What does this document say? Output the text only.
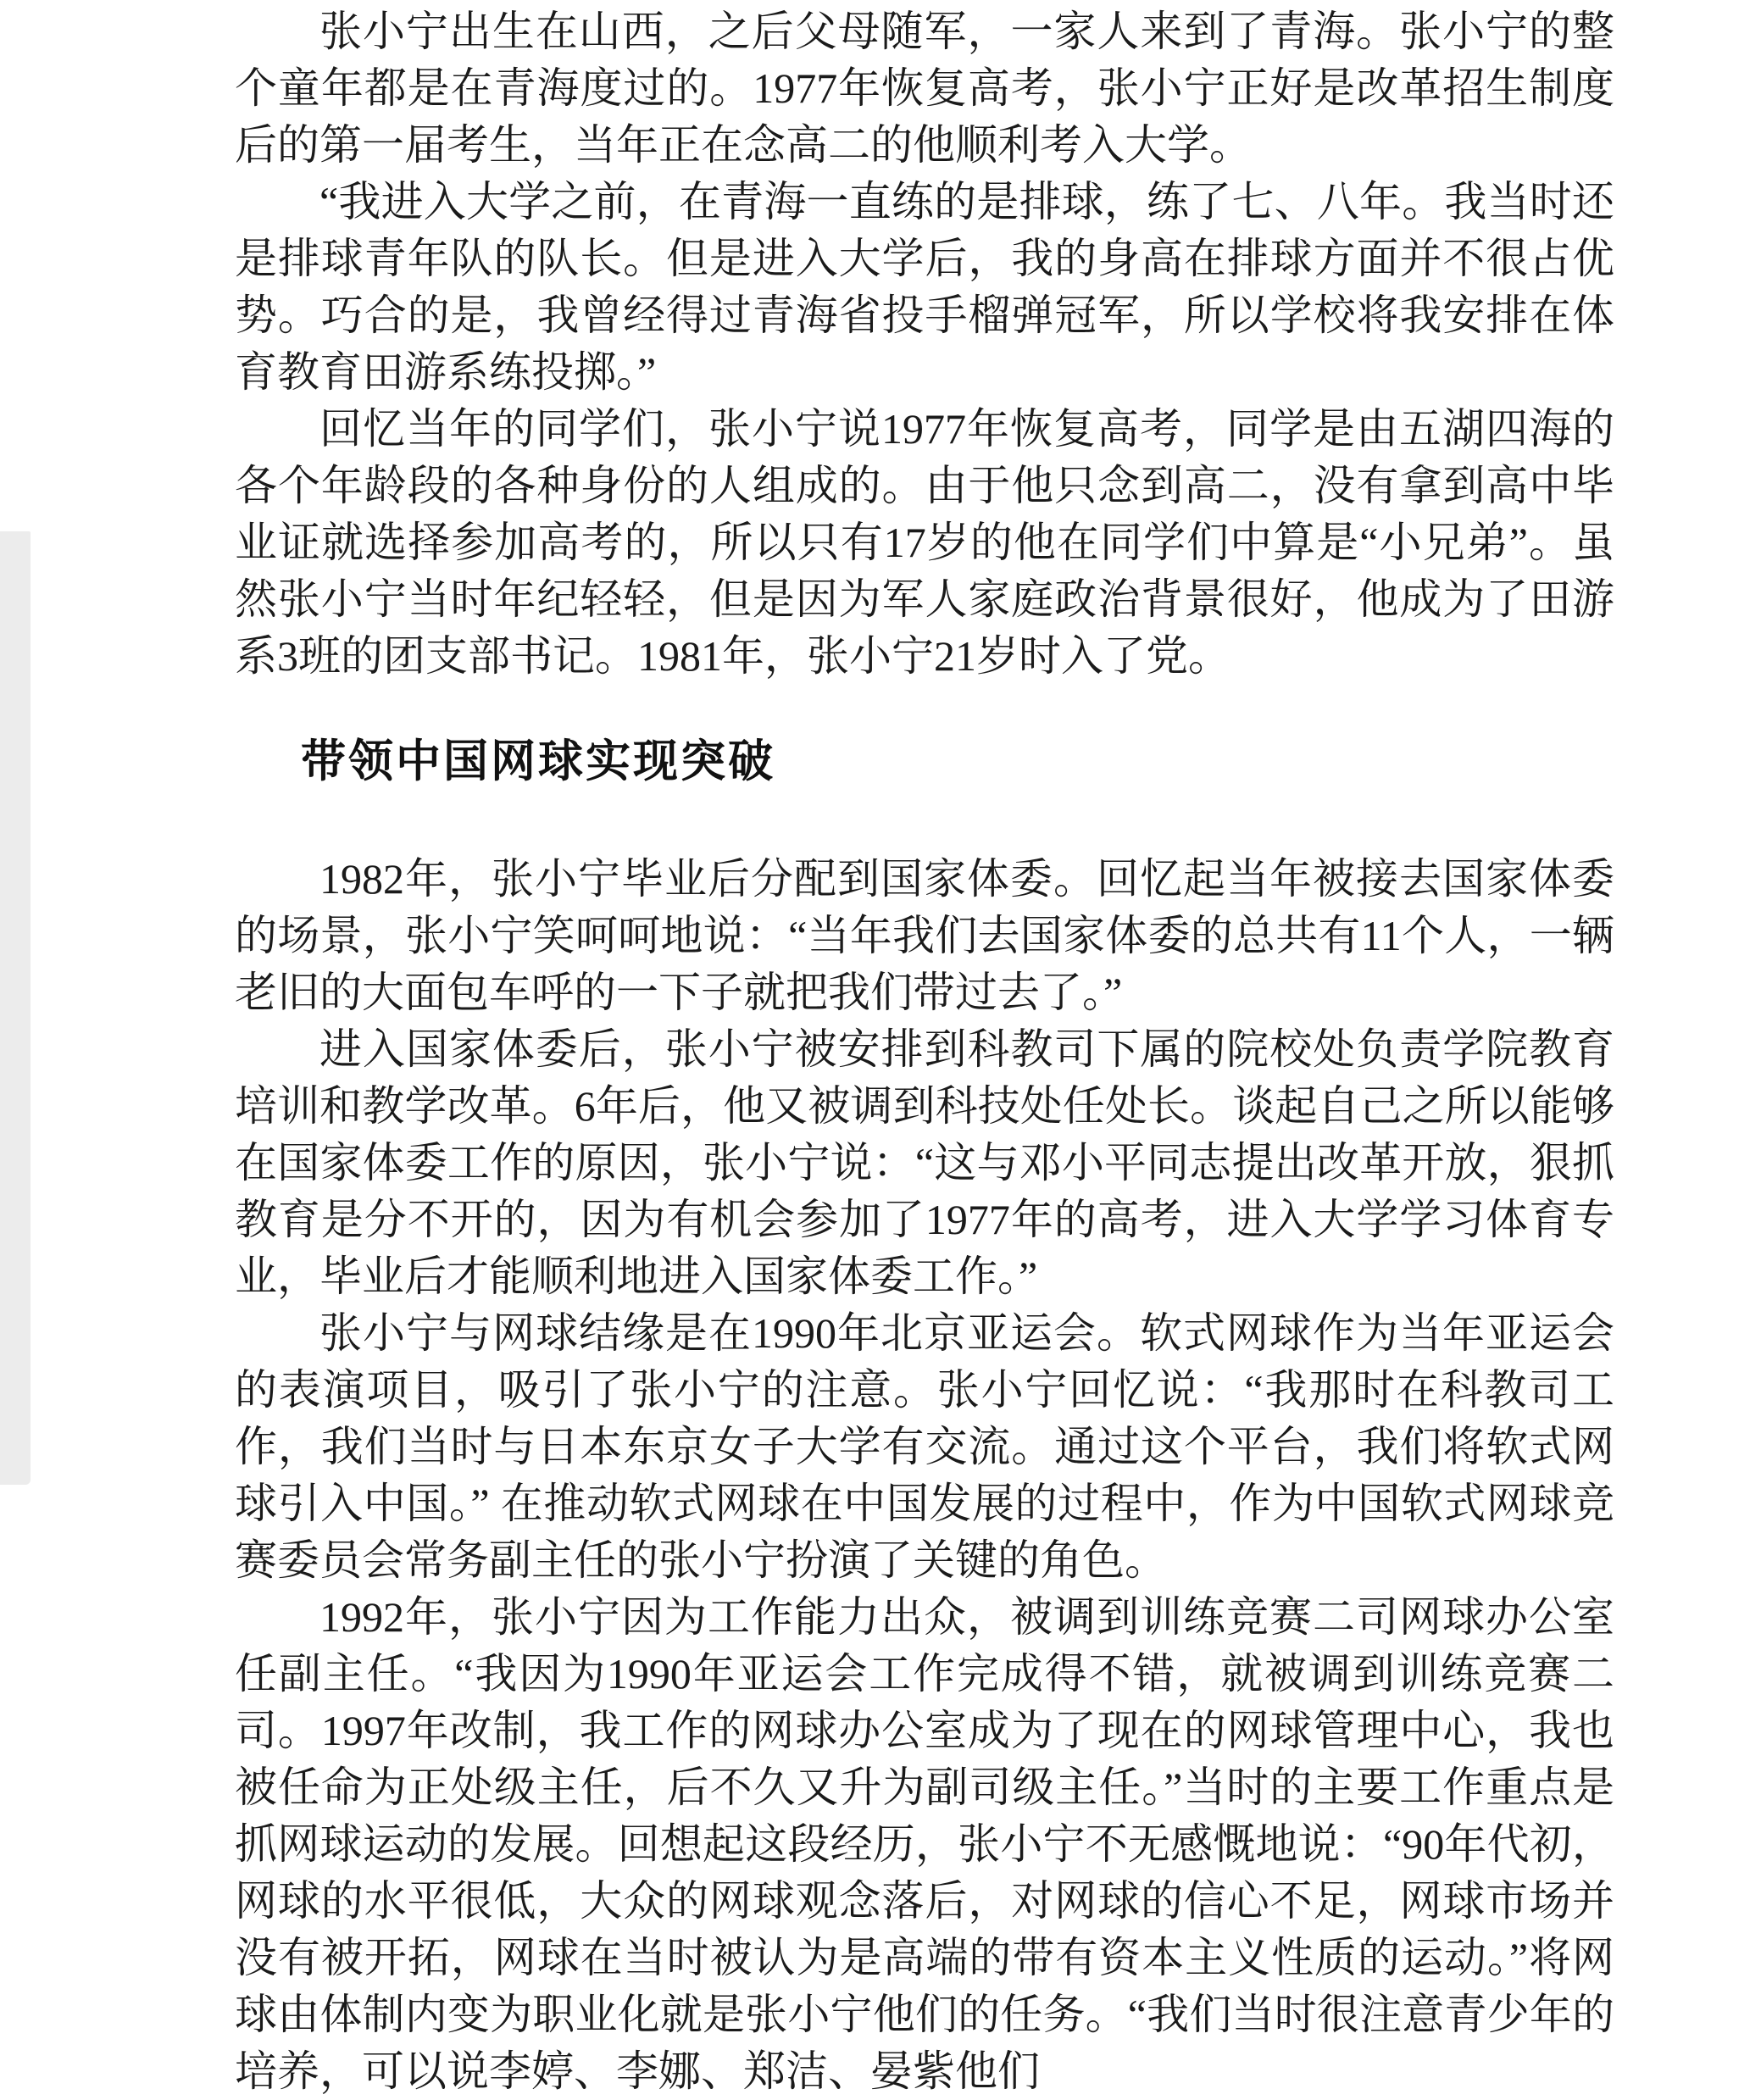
张小宁出生在山西，之后父母随军，一家人来到了青海。张小宁的整个童年都是在青海度过的。1977年恢复高考，张小宁正好是改革招生制度后的第一届考生，当年正在念高二的他顺利考入大学。

“我进入大学之前，在青海一直练的是排球，练了七、八年。我当时还是排球青年队的队长。但是进入大学后，我的身高在排球方面并不很占优势。巧合的是，我曾经得过青海省投手榴弹冠军，所以学校将我安排在体育教育田游系练投掷。”

回忆当年的同学们，张小宁说1977年恢复高考，同学是由五湖四海的各个年龄段的各种身份的人组成的。由于他只念到高二，没有拿到高中毕业证就选择参加高考的，所以只有17岁的他在同学们中算是“小兄弟”。虽然张小宁当时年纪轻轻，但是因为军人家庭政治背景很好，他成为了田游系3班的团支部书记。1981年，张小宁21岁时入了党。

带领中国网球实现突破

1982年，张小宁毕业后分配到国家体委。回忆起当年被接去国家体委的场景，张小宁笑呵呵地说：“当年我们去国家体委的总共有11个人，一辆老旧的大面包车呼的一下子就把我们带过去了。”

进入国家体委后，张小宁被安排到科教司下属的院校处负责学院教育培训和教学改革。6年后，他又被调到科技处任处长。谈起自己之所以能够在国家体委工作的原因，张小宁说：“这与邓小平同志提出改革开放，狠抓教育是分不开的，因为有机会参加了1977年的高考，进入大学学习体育专业，毕业后才能顺利地进入国家体委工作。”

张小宁与网球结缘是在1990年北京亚运会。软式网球作为当年亚运会的表演项目，吸引了张小宁的注意。张小宁回忆说：“我那时在科教司工作，我们当时与日本东京女子大学有交流。通过这个平台，我们将软式网球引入中国。” 在推动软式网球在中国发展的过程中，作为中国软式网球竞赛委员会常务副主任的张小宁扮演了关键的角色。

1992年，张小宁因为工作能力出众，被调到训练竞赛二司网球办公室任副主任。“我因为1990年亚运会工作完成得不错，就被调到训练竞赛二司。1997年改制，我工作的网球办公室成为了现在的网球管理中心，我也被任命为正处级主任，后不久又升为副司级主任。”当时的主要工作重点是抓网球运动的发展。回想起这段经历，张小宁不无感慨地说：“90年代初，网球的水平很低，大众的网球观念落后，对网球的信心不足，网球市场并没有被开拓，网球在当时被认为是高端的带有资本主义性质的运动。”将网球由体制内变为职业化就是张小宁他们的任务。“我们当时很注意青少年的培养，可以说李婷、李娜、郑洁、晏紫他们
